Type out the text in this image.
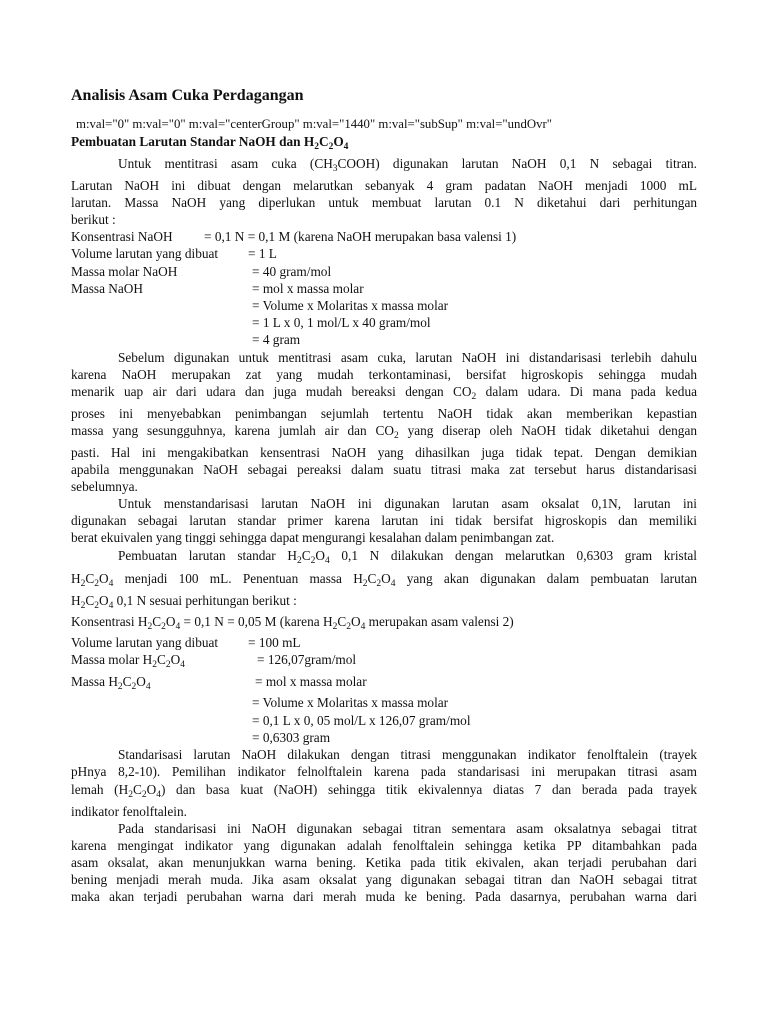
Analisis Asam Cuka Perdagangan
m:val="0" m:val="0" m:val="centerGroup" m:val="1440" m:val="subSup" m:val="undOvr"
Pembuatan Larutan Standar NaOH dan $H_2C_2O_4$
Untuk mentitrasi asam cuka $(CH_3COOH)$ digunakan larutan NaOH 0,1 N sebagai titran.
Larutan NaOH ini dibuat dengan melarutkan sebanyak 4 gram padatan NaOH menjadi 1000 mL
larutan. Massa NaOH yang diperlukan untuk membuat larutan 0.1 N diketahui dari perhitungan
berikut :
Konsentrasi NaOH = 0,1 N = 0,1 M (karena NaOH merupakan basa valensi 1)
Volume larutan yang dibuat = 1 L
Massa molar NaOH	= 40 gram/mol
Massa NaOH	= mol x massa molar
= Volume x Molaritas x massa molar
= 1 L x 0, 1 mol/L x 40 gram/mol
= 4 gram
Sebelum digunakan untuk mentitrasi asam cuka, larutan NaOH ini distandarisasi terlebih dahulu
karena NaOH merupakan zat yang mudah terkontaminasi, bersifat higroskopis sehingga mudah
menarik uap air dari udara dan juga mudah bereaksi dengan $CO_2$ dalam udara. Di mana pada kedua
proses ini menyebabkan penimbangan sejumlah tertentu NaOH tidak akan memberikan kepastian
massa yang sesungguhnya, karena jumlah air dan $CO_2$ yang diserap oleh NaOH tidak diketahui dengan
pasti. Hal ini mengakibatkan kensentrasi NaOH yang dihasilkan juga tidak tepat. Dengan demikian
apabila menggunakan NaOH sebagai pereaksi dalam suatu titrasi maka zat tersebut harus distandarisasi
sebelumnya.
Untuk menstandarisasi larutan NaOH ini digunakan larutan asam oksalat 0,1N, larutan ini
digunakan sebagai larutan standar primer karena larutan ini tidak bersifat higroskopis dan memiliki
berat ekuivalen yang tinggi sehingga dapat mengurangi kesalahan dalam penimbangan zat.
Pembuatan larutan standar $H_2C_2O_4$ 0,1 N dilakukan dengan melarutkan 0,6303 gram kristal
$H_2C_2O_4$ menjadi 100 mL. Penentuan massa $H_2C_2O_4$ yang akan digunakan dalam pembuatan larutan
$H_2C_2O_4$ 0,1 N sesuai perhitungan berikut :
Konsentrasi $H_2C_2O_4 = 0,1$ N = 0,05 M (karena $H_2C_2O_4$ merupakan asam valensi 2)
Volume larutan yang dibuat = 100 mL
Massa molar $H_2C_2O_4$	= 126,07gram/mol
Massa $H_2C_2O_4$	= mol x massa molar
= Volume x Molaritas x massa molar
= 0,1 L x 0, 05 mol/L x 126,07 gram/mol
= 0,6303 gram
Standarisasi larutan NaOH dilakukan dengan titrasi menggunakan indikator fenolftalein (trayek
pHnya 8,2-10). Pemilihan indikator felnolftalein karena pada standarisasi ini merupakan titrasi asam
lemah $(H_2C_2O_4)$ dan basa kuat (NaOH) sehingga titik ekivalennya diatas 7 dan berada pada trayek
indikator fenolftalein.
Pada standarisasi ini NaOH digunakan sebagai titran sementara asam oksalatnya sebagai titrat
karena mengingat indikator yang digunakan adalah fenolftalein sehingga ketika PP ditambahkan pada
asam oksalat, akan menunjukkan warna bening. Ketika pada titik ekivalen, akan terjadi perubahan dari
bening menjadi merah muda. Jika asam oksalat yang digunakan sebagai titran dan NaOH sebagai titrat
maka akan terjadi perubahan warna dari merah muda ke bening. Pada dasarnya, perubahan warna dari
